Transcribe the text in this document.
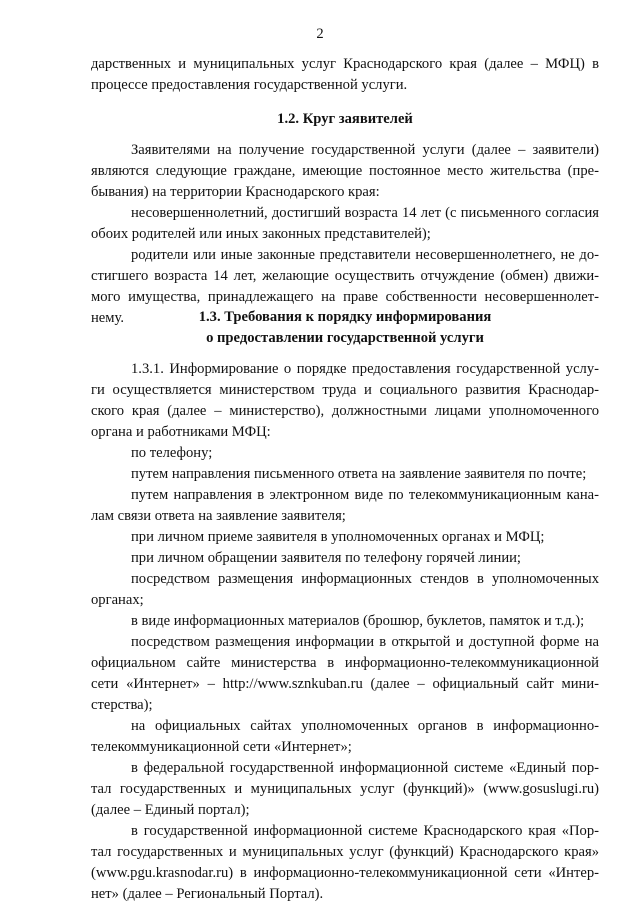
2
дарственных и муниципальных услуг Краснодарского края (далее – МФЦ) в
процессе предоставления государственной услуги.
1.2. Круг заявителей
Заявителями на получение государственной услуги (далее – заявители)
являются следующие граждане, имеющие постоянное место жительства (пре-
бывания) на территории Краснодарского края:
несовершеннолетний, достигший возраста 14 лет (с письменного согласия
обоих родителей или иных законных представителей);
родители или иные законные представители несовершеннолетнего, не до-
стигшего возраста 14 лет, желающие осуществить отчуждение (обмен) движи-
мого имущества, принадлежащего на праве собственности несовершеннолет-
нему.	1.3. Требования к порядку информирования
о предоставлении государственной услуги
1.3.1. Информирование о порядке предоставления государственной услу-
ги осуществляется министерством труда и социального развития Краснодар-
ского края (далее – министерство), должностными лицами уполномоченного
органа и работниками МФЦ:
по телефону;
путем направления письменного ответа на заявление заявителя по почте;
путем направления в электронном виде по телекоммуникационным кана-
лам связи ответа на заявление заявителя;
при личном приеме заявителя в уполномоченных органах и МФЦ;
при личном обращении заявителя по телефону горячей линии;
посредством размещения информационных стендов в уполномоченных
органах;
в виде информационных материалов (брошюр, буклетов, памяток и т.д.);
посредством размещения информации в открытой и доступной форме на
официальном сайте министерства в информационно-телекоммуникационной
сети «Интернет» – http://www.sznkuban.ru (далее – официальный сайт мини-
стерства);
на официальных сайтах уполномоченных органов в информационно-
телекоммуникационной сети «Интернет»;
в федеральной государственной информационной системе «Единый пор-
тал государственных и муниципальных услуг (функций)» (www.gosuslugi.ru)
(далее – Единый портал);
в государственной информационной системе Краснодарского края «Пор-
тал государственных и муниципальных услуг (функций) Краснодарского края»
(www.pgu.krasnodar.ru) в информационно-телекоммуникационной сети «Интер-
нет» (далее – Региональный Портал).
